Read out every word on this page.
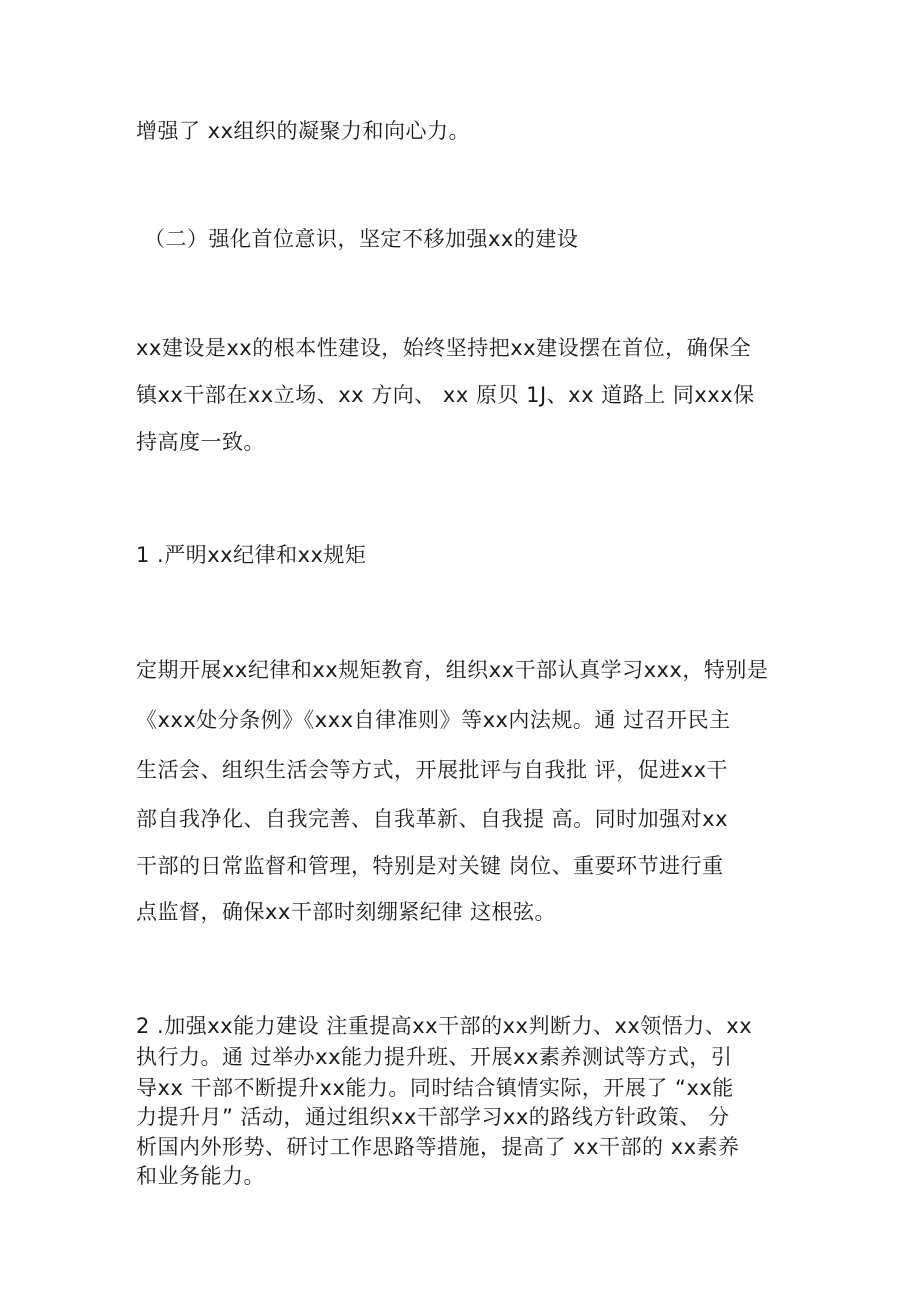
增强了 xx组织的凝聚力和向心力。
（二）强化首位意识，坚定不移加强xx的建设
xx建设是xx的根本性建设，始终坚持把xx建设摆在首位，确保全
镇xx干部在xx立场、xx 方向、 xx 原贝 1J、xx 道路上 同xxx保
持高度一致。
1 .严明xx纪律和xx规矩
定期开展xx纪律和xx规矩教育，组织xx干部认真学习xxx，特别是
《xxx处分条例》《xxx自律准则》等xx内法规。通 过召开民主
生活会、组织生活会等方式，开展批评与自我批 评，促进xx干
部自我净化、自我完善、自我革新、自我提 高。同时加强对xx
干部的日常监督和管理，特别是对关键 岗位、重要环节进行重
点监督，确保xx干部时刻绷紧纪律 这根弦。
2 .加强xx能力建设 注重提高xx干部的xx判断力、xx领悟力、xx
执行力。通 过举办xx能力提升班、开展xx素养测试等方式，引
导xx 干部不断提升xx能力。同时结合镇情实际，开展了 “xx能
力提升月” 活动，通过组织xx干部学习xx的路线方针政策、 分
析国内外形势、研讨工作思路等措施，提高了 xx干部的 xx素养
和业务能力。
